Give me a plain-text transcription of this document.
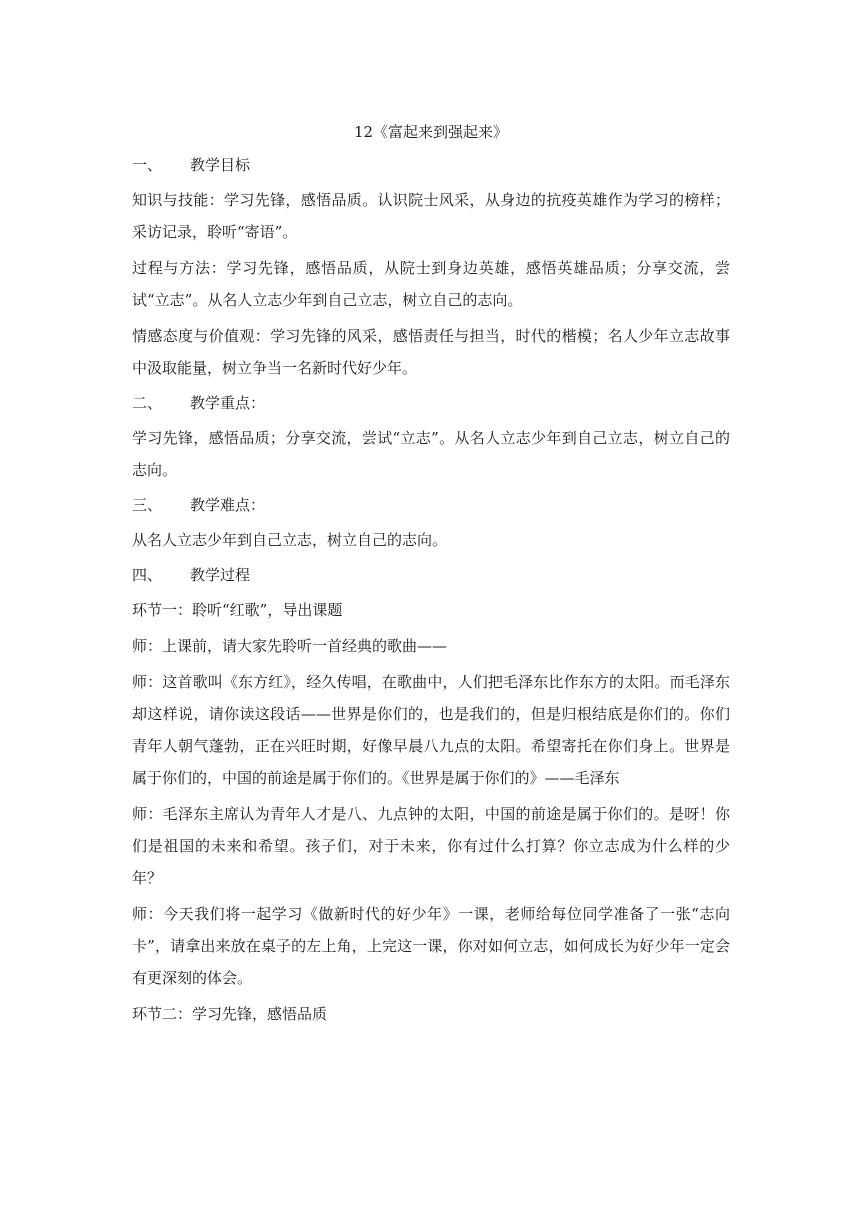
12《富起来到强起来》
一、	教学目标
知识与技能：学习先锋，感悟品质。认识院士风采，从身边的抗疫英雄作为学习的榜样；采访记录，聆听“寄语”。
过程与方法：学习先锋，感悟品质，从院士到身边英雄，感悟英雄品质；分享交流，尝试“立志”。从名人立志少年到自己立志，树立自己的志向。
情感态度与价值观：学习先锋的风采，感悟责任与担当，时代的楷模；名人少年立志故事中汲取能量，树立争当一名新时代好少年。
二、	教学重点：
学习先锋，感悟品质；分享交流，尝试“立志”。从名人立志少年到自己立志，树立自己的志向。
三、	教学难点：
从名人立志少年到自己立志，树立自己的志向。
四、	教学过程
环节一：聆听“红歌”，导出课题
师：上课前，请大家先聆听一首经典的歌曲——
师：这首歌叫《东方红》，经久传唱，在歌曲中，人们把毛泽东比作东方的太阳。而毛泽东却这样说，请你读这段话——世界是你们的，也是我们的，但是归根结底是你们的。你们青年人朝气蓬勃，正在兴旺时期，好像早晨八九点的太阳。希望寄托在你们身上。世界是属于你们的，中国的前途是属于你们的。《世界是属于你们的》——毛泽东
师：毛泽东主席认为青年人才是八、九点钟的太阳，中国的前途是属于你们的。是呀！你们是祖国的未来和希望。孩子们，对于未来，你有过什么打算？你立志成为什么样的少年？
师：今天我们将一起学习《做新时代的好少年》一课，老师给每位同学准备了一张“志向卡”，请拿出来放在桌子的左上角，上完这一课，你对如何立志，如何成长为好少年一定会有更深刻的体会。
环节二：学习先锋，感悟品质
